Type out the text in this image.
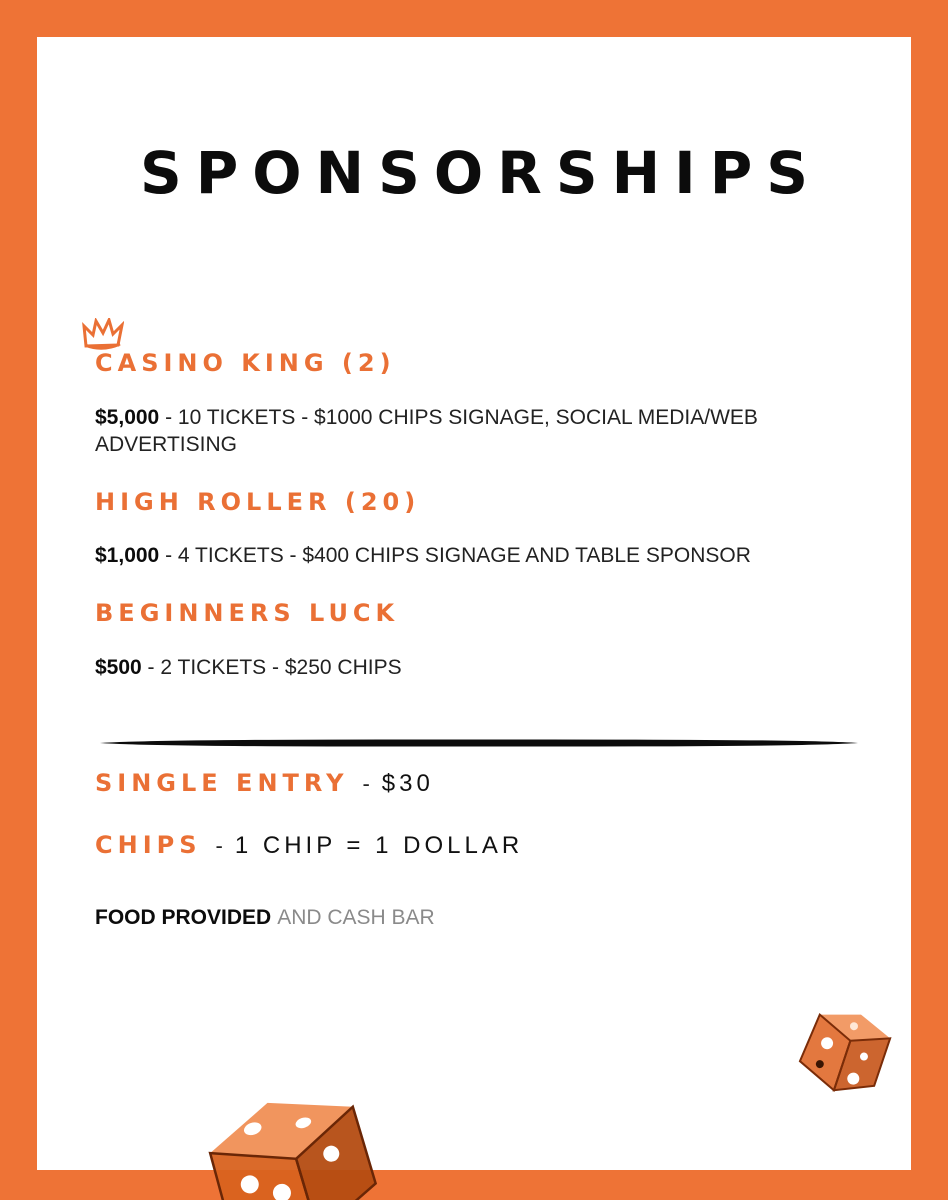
SPONSORSHIPS
CASINO KING (2)
$5,000 - 10 TICKETS - $1000 CHIPS SIGNAGE, SOCIAL MEDIA/WEB ADVERTISING
HIGH ROLLER (20)
$1,000 - 4 TICKETS - $400 CHIPS SIGNAGE AND TABLE SPONSOR
BEGINNERS LUCK
$500 - 2 TICKETS - $250 CHIPS
SINGLE ENTRY - $30
CHIPS - 1 CHIP = 1 DOLLAR
FOOD PROVIDED AND CASH BAR
